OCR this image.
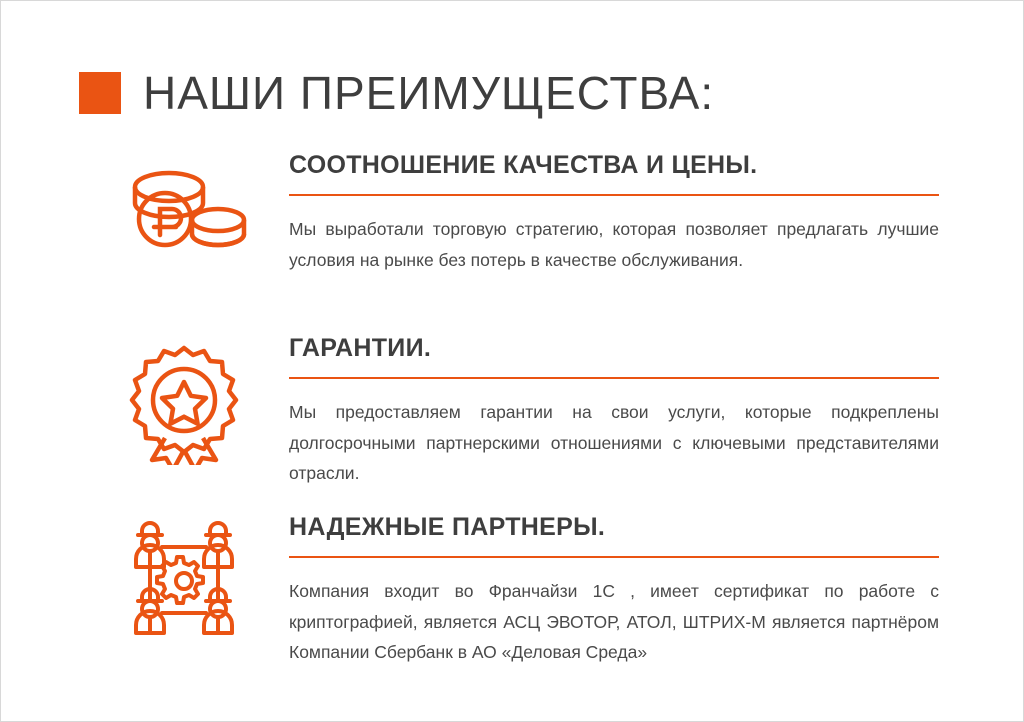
НАШИ ПРЕИМУЩЕСТВА:
СООТНОШЕНИЕ КАЧЕСТВА И ЦЕНЫ.

Мы выработали торговую стратегию, которая позволяет предлагать лучшие условия на рынке без потерь в качестве обслуживания.

ГАРАНТИИ.

Мы предоставляем гарантии на свои услуги, которые подкреплены долгосрочными партнерскими отношениями с ключевыми представителями отрасли.

НАДЕЖНЫЕ ПАРТНЕРЫ.

Компания входит во Франчайзи 1С , имеет сертификат по работе с криптографией, является АСЦ ЭВОТОР, АТОЛ, ШТРИХ-М является партнёром Компании Сбербанк в АО «Деловая Среда»
